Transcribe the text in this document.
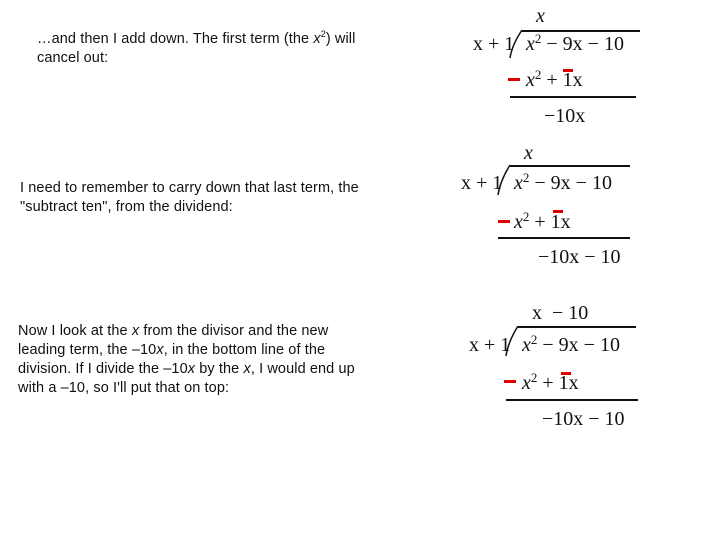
…and then I add down. The first term (the $x^2$) will cancel out:
x
x + 1 $x^2 - 9x - 10$
$x^2 + 1x$
−10x
I need to remember to carry down that last term, the "subtract ten", from the dividend:
x
x + 1 $x^2 - 9x - 10$
$x^2 + 1x$
−10x − 10
Now I look at the x from the divisor and the new leading term, the –10x, in the bottom line of the division. If I divide the –10x by the x, I would end up with a –10, so I'll put that on top:
x  − 10
x + 1 $x^2 - 9x - 10$
$x^2 + 1x$
−10x − 10
